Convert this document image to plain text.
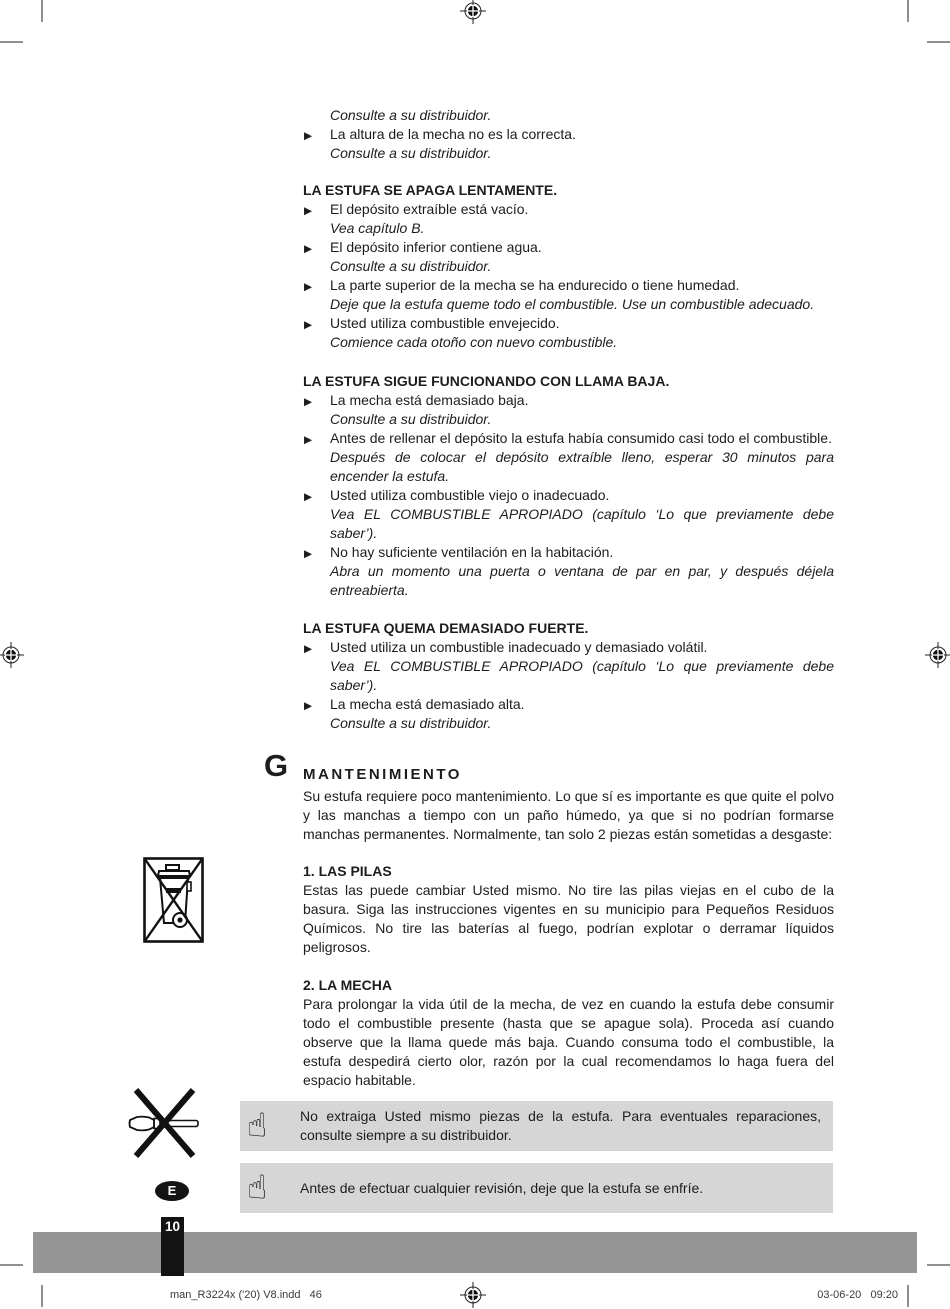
Consulte a su distribuidor.
▶ La altura de la mecha no es la correcta.
Consulte a su distribuidor.
LA ESTUFA SE APAGA LENTAMENTE.
▶ El depósito extraíble está vacío.
Vea capítulo B.
▶ El depósito inferior contiene agua.
Consulte a su distribuidor.
▶ La parte superior de la mecha se ha endurecido o tiene humedad.
Deje que la estufa queme todo el combustible. Use un combustible adecuado.
▶ Usted utiliza combustible envejecido.
Comience cada otoño con nuevo combustible.
LA ESTUFA SIGUE FUNCIONANDO CON LLAMA BAJA.
▶ La mecha está demasiado baja.
Consulte a su distribuidor.
▶ Antes de rellenar el depósito la estufa había consumido casi todo el combustible.
Después de colocar el depósito extraíble lleno, esperar 30 minutos para encender la estufa.
▶ Usted utiliza combustible viejo o inadecuado.
Vea EL COMBUSTIBLE APROPIADO (capítulo ‘Lo que previamente debe saber’).
▶ No hay suficiente ventilación en la habitación.
Abra un momento una puerta o ventana de par en par, y después déjela entreabierta.
LA ESTUFA QUEMA DEMASIADO FUERTE.
▶ Usted utiliza un combustible inadecuado y demasiado volátil.
Vea EL COMBUSTIBLE APROPIADO (capítulo ‘Lo que previamente debe saber’).
▶ La mecha está demasiado alta.
Consulte a su distribuidor.
G MANTENIMIENTO
Su estufa requiere poco mantenimiento. Lo que sí es importante es que quite el polvo y las manchas a tiempo con un paño húmedo, ya que si no podrían formarse manchas permanentes. Normalmente, tan solo 2 piezas están sometidas a desgaste:
1. LAS PILAS
Estas las puede cambiar Usted mismo. No tire las pilas viejas en el cubo de la basura. Siga las instrucciones vigentes en su municipio para Pequeños Residuos Químicos. No tire las baterías al fuego, podrían explotar o derramar líquidos peligrosos.
2. LA MECHA
Para prolongar la vida útil de la mecha, de vez en cuando la estufa debe consumir todo el combustible presente (hasta que se apague sola). Proceda así cuando observe que la llama quede más baja. Cuando consuma todo el combustible, la estufa despedirá cierto olor, razón por la cual recomendamos lo haga fuera del espacio habitable.
☝	No extraiga Usted mismo piezas de la estufa. Para eventuales reparaciones, consulte siempre a su distribuidor.
☝	Antes de efectuar cualquier revisión, deje que la estufa se enfríe.
E
10
man_R3224x ('20) V8.indd   46	03-06-20   09:20
